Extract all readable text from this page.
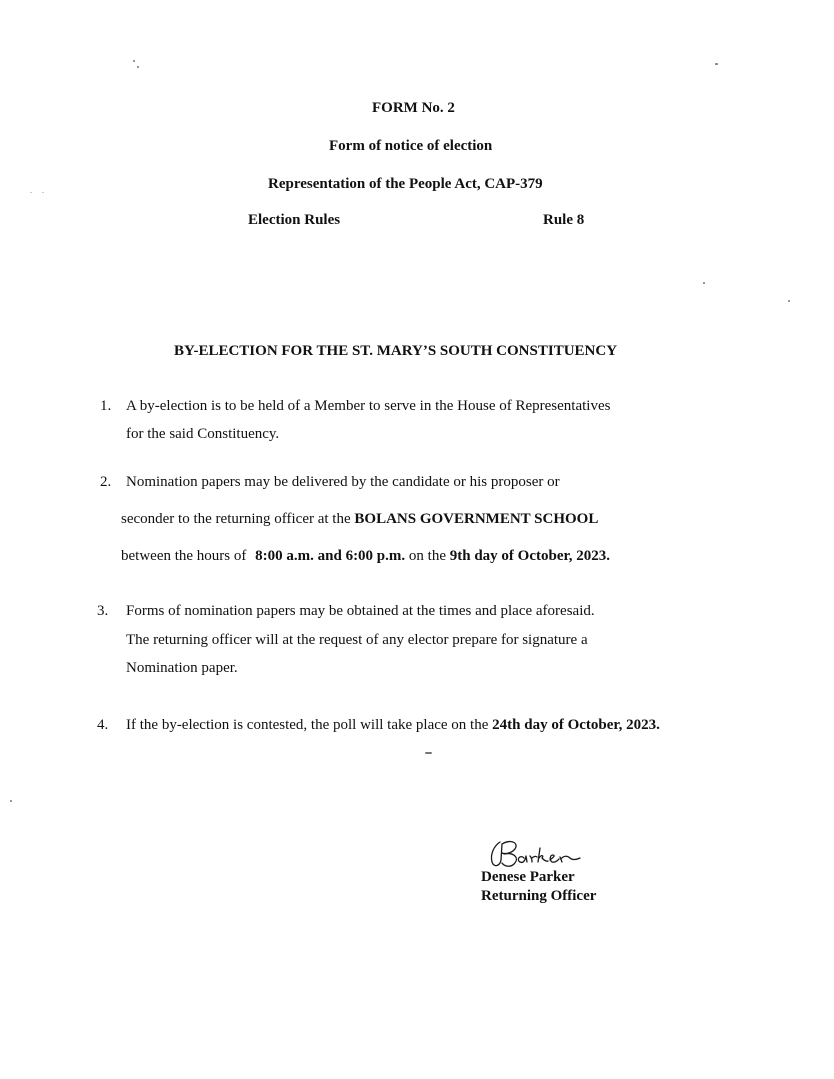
FORM No. 2
Form of notice of election
Representation of the People Act, CAP-379
Election Rules	Rule 8
BY-ELECTION FOR THE ST. MARY’S SOUTH CONSTITUENCY
1. A by-election is to be held of a Member to serve in the House of Representatives
for the said Constituency.
2. Nomination papers may be delivered by the candidate or his proposer or
seconder to the returning officer at the BOLANS GOVERNMENT SCHOOL
between the hours of 8:00 a.m. and 6:00 p.m. on the 9th day of October, 2023.
3. Forms of nomination papers may be obtained at the times and place aforesaid.
The returning officer will at the request of any elector prepare for signature a
Nomination paper.
4. If the by-election is contested, the poll will take place on the 24th day of October, 2023.
Denese Parker
Returning Officer
